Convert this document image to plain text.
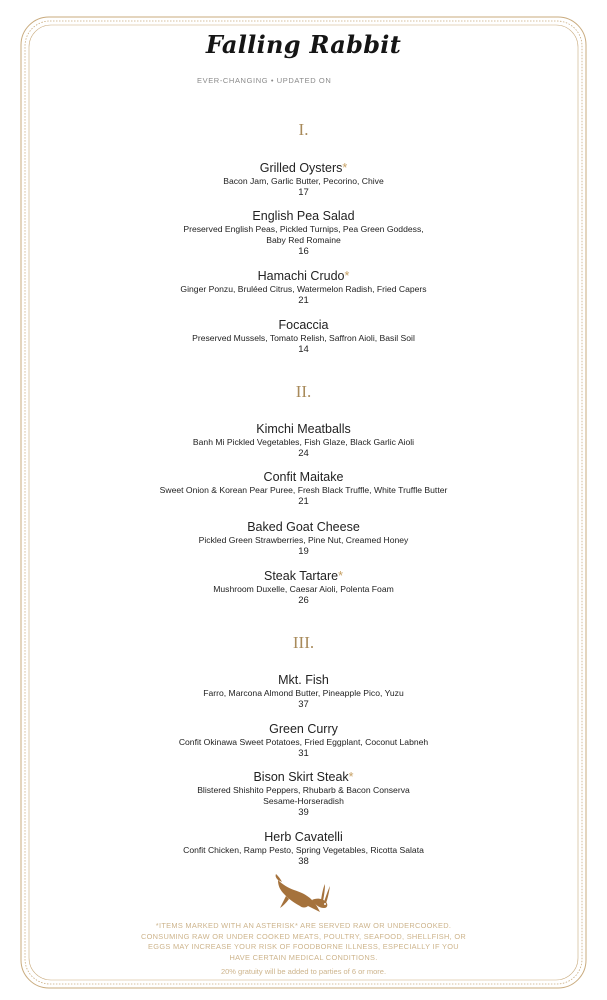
Falling Rabbit
EVER-CHANGING • UPDATED ON
I.
Grilled Oysters*
Bacon Jam, Garlic Butter, Pecorino, Chive
17
English Pea Salad
Preserved English Peas, Pickled Turnips, Pea Green Goddess,
Baby Red Romaine
16
Hamachi Crudo*
Ginger Ponzu, Bruléed Citrus, Watermelon Radish, Fried Capers
21
Focaccia
Preserved Mussels, Tomato Relish, Saffron Aioli, Basil Soil
14
II.
Kimchi Meatballs
Banh Mi Pickled Vegetables, Fish Glaze, Black Garlic Aioli
24
Confit Maitake
Sweet Onion & Korean Pear Puree, Fresh Black Truffle, White Truffle Butter
21
Baked Goat Cheese
Pickled Green Strawberries, Pine Nut, Creamed Honey
19
Steak Tartare*
Mushroom Duxelle, Caesar Aioli, Polenta Foam
26
III.
Mkt. Fish
Farro, Marcona Almond Butter, Pineapple Pico, Yuzu
37
Green Curry
Confit Okinawa Sweet Potatoes, Fried Eggplant, Coconut Labneh
31
Bison Skirt Steak*
Blistered Shishito Peppers, Rhubarb & Bacon Conserva
Sesame-Horseradish
39
Herb Cavatelli
Confit Chicken, Ramp Pesto, Spring Vegetables, Ricotta Salata
38
*ITEMS MARKED WITH AN ASTERISK* ARE SERVED RAW OR UNDERCOOKED. CONSUMING RAW OR UNDER COOKED MEATS, POULTRY, SEAFOOD, SHELLFISH, OR EGGS MAY INCREASE YOUR RISK OF FOODBORNE ILLNESS, ESPECIALLY IF YOU HAVE CERTAIN MEDICAL CONDITIONS.
20% gratuity will be added to parties of 6 or more.
